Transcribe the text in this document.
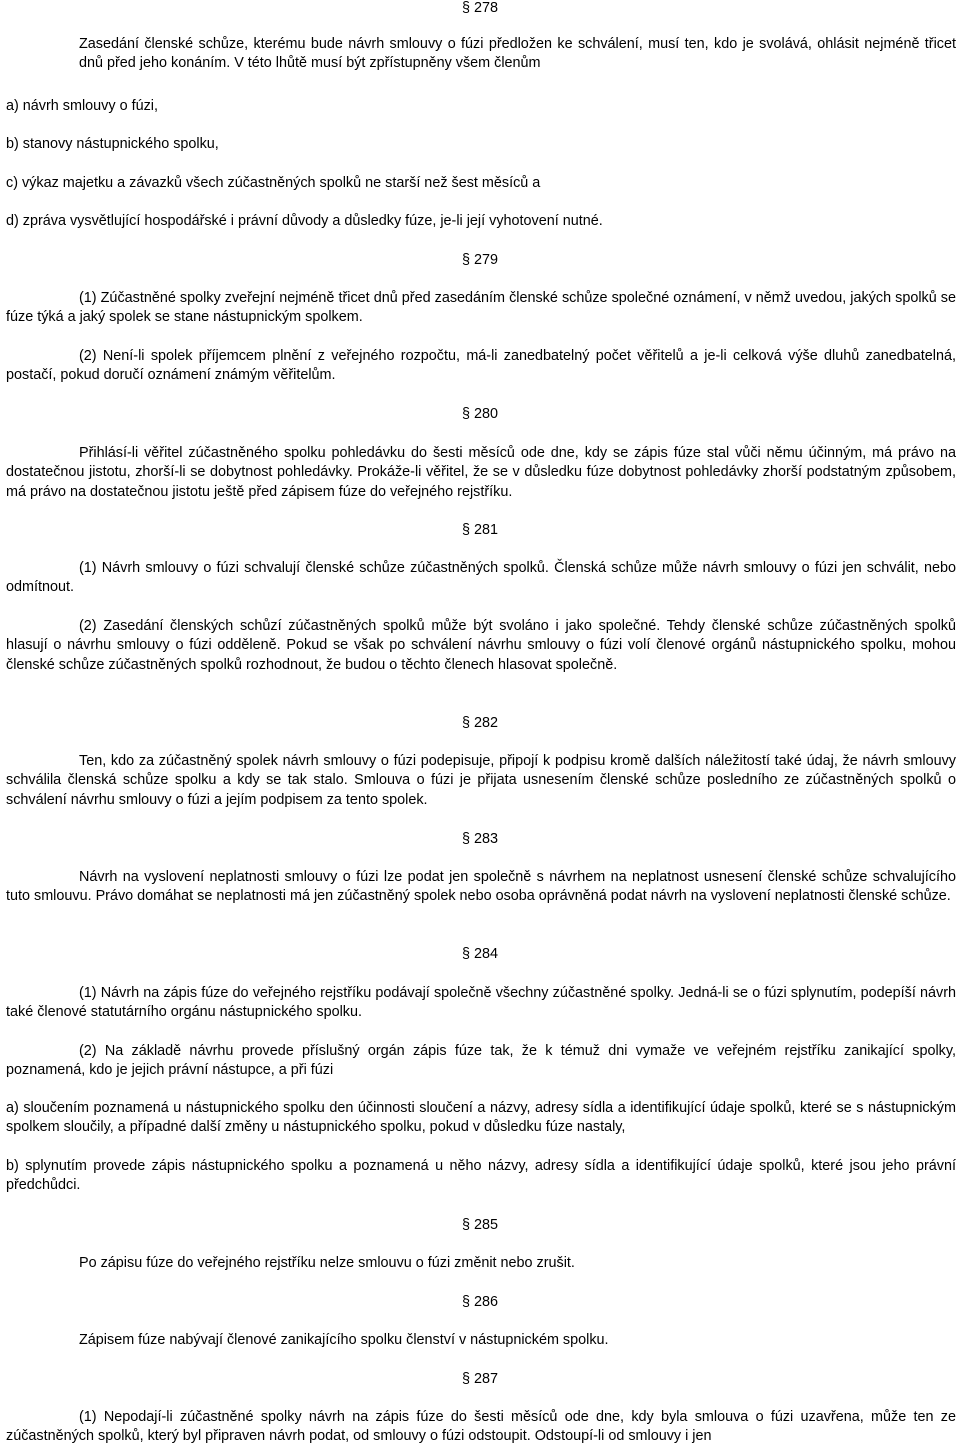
§ 278

Zasedání členské schůze, kterému bude návrh smlouvy o fúzi předložen ke schválení, musí ten, kdo je svolává, ohlásit nejméně třicet dnů před jeho konáním. V této lhůtě musí být zpřístupněny všem členům

a) návrh smlouvy o fúzi,

b) stanovy nástupnického spolku,

c) výkaz majetku a závazků všech zúčastněných spolků ne starší než šest měsíců a

d) zpráva vysvětlující hospodářské i právní důvody a důsledky fúze, je-li její vyhotovení nutné.

§ 279

(1) Zúčastněné spolky zveřejní nejméně třicet dnů před zasedáním členské schůze společné oznámení, v němž uvedou, jakých spolků se fúze týká a jaký spolek se stane nástupnickým spolkem.

(2) Není-li spolek příjemcem plnění z veřejného rozpočtu, má-li zanedbatelný počet věřitelů a je-li celková výše dluhů zanedbatelná, postačí, pokud doručí oznámení známým věřitelům.

§ 280

Přihlásí-li věřitel zúčastněného spolku pohledávku do šesti měsíců ode dne, kdy se zápis fúze stal vůči němu účinným, má právo na dostatečnou jistotu, zhorší-li se dobytnost pohledávky. Prokáže-li věřitel, že se v důsledku fúze dobytnost pohledávky zhorší podstatným způsobem, má právo na dostatečnou jistotu ještě před zápisem fúze do veřejného rejstříku.

§ 281

(1) Návrh smlouvy o fúzi schvalují členské schůze zúčastněných spolků. Členská schůze může návrh smlouvy o fúzi jen schválit, nebo odmítnout.

(2) Zasedání členských schůzí zúčastněných spolků může být svoláno i jako společné. Tehdy členské schůze zúčastněných spolků hlasují o návrhu smlouvy o fúzi odděleně. Pokud se však po schválení návrhu smlouvy o fúzi volí členové orgánů nástupnického spolku, mohou členské schůze zúčastněných spolků rozhodnout, že budou o těchto členech hlasovat společně.

§ 282

Ten, kdo za zúčastněný spolek návrh smlouvy o fúzi podepisuje, připojí k podpisu kromě dalších náležitostí také údaj, že návrh smlouvy schválila členská schůze spolku a kdy se tak stalo. Smlouva o fúzi je přijata usnesením členské schůze posledního ze zúčastněných spolků o schválení návrhu smlouvy o fúzi a jejím podpisem za tento spolek.

§ 283

Návrh na vyslovení neplatnosti smlouvy o fúzi lze podat jen společně s návrhem na neplatnost usnesení členské schůze schvalujícího tuto smlouvu. Právo domáhat se neplatnosti má jen zúčastněný spolek nebo osoba oprávněná podat návrh na vyslovení neplatnosti členské schůze.

§ 284

(1) Návrh na zápis fúze do veřejného rejstříku podávají společně všechny zúčastněné spolky. Jedná-li se o fúzi splynutím, podepíší návrh také členové statutárního orgánu nástupnického spolku.

(2) Na základě návrhu provede příslušný orgán zápis fúze tak, že k témuž dni vymaže ve veřejném rejstříku zanikající spolky, poznamená, kdo je jejich právní nástupce, a při fúzi

a) sloučením poznamená u nástupnického spolku den účinnosti sloučení a názvy, adresy sídla a identifikující údaje spolků, které se s nástupnickým spolkem sloučily, a případné další změny u nástupnického spolku, pokud v důsledku fúze nastaly,

b) splynutím provede zápis nástupnického spolku a poznamená u něho názvy, adresy sídla a identifikující údaje spolků, které jsou jeho právní předchůdci.

§ 285

Po zápisu fúze do veřejného rejstříku nelze smlouvu o fúzi změnit nebo zrušit.

§ 286

Zápisem fúze nabývají členové zanikajícího spolku členství v nástupnickém spolku.

§ 287

(1) Nepodají-li zúčastněné spolky návrh na zápis fúze do šesti měsíců ode dne, kdy byla smlouva o fúzi uzavřena, může ten ze zúčastněných spolků, který byl připraven návrh podat, od smlouvy o fúzi odstoupit. Odstoupí-li od smlouvy i jen
